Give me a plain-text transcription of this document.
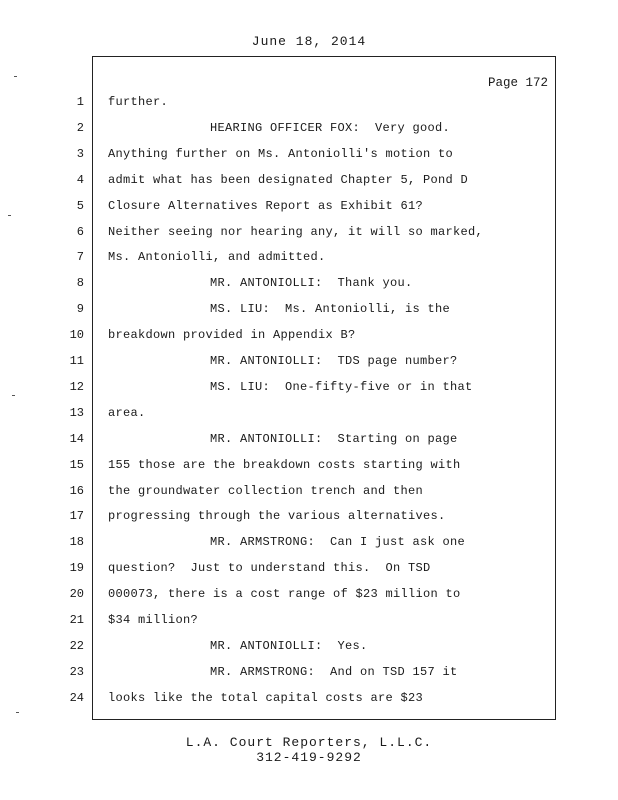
June 18, 2014
Page 172
1 further.
2	HEARING OFFICER FOX:  Very good.
3 Anything further on Ms. Antoniolli's motion to
4 admit what has been designated Chapter 5, Pond D
5 Closure Alternatives Report as Exhibit 61?
6 Neither seeing nor hearing any, it will so marked,
7 Ms. Antoniolli, and admitted.
8	MR. ANTONIOLLI:  Thank you.
9	MS. LIU:  Ms. Antoniolli, is the
10 breakdown provided in Appendix B?
11	MR. ANTONIOLLI:  TDS page number?
12	MS. LIU:  One-fifty-five or in that
13 area.
14	MR. ANTONIOLLI:  Starting on page
15 155 those are the breakdown costs starting with
16 the groundwater collection trench and then
17 progressing through the various alternatives.
18	MR. ARMSTRONG:  Can I just ask one
19 question?  Just to understand this.  On TSD
20 000073, there is a cost range of $23 million to
21 $34 million?
22	MR. ANTONIOLLI:  Yes.
23	MR. ARMSTRONG:  And on TSD 157 it
24 looks like the total capital costs are $23
L.A. Court Reporters, L.L.C.
312-419-9292
